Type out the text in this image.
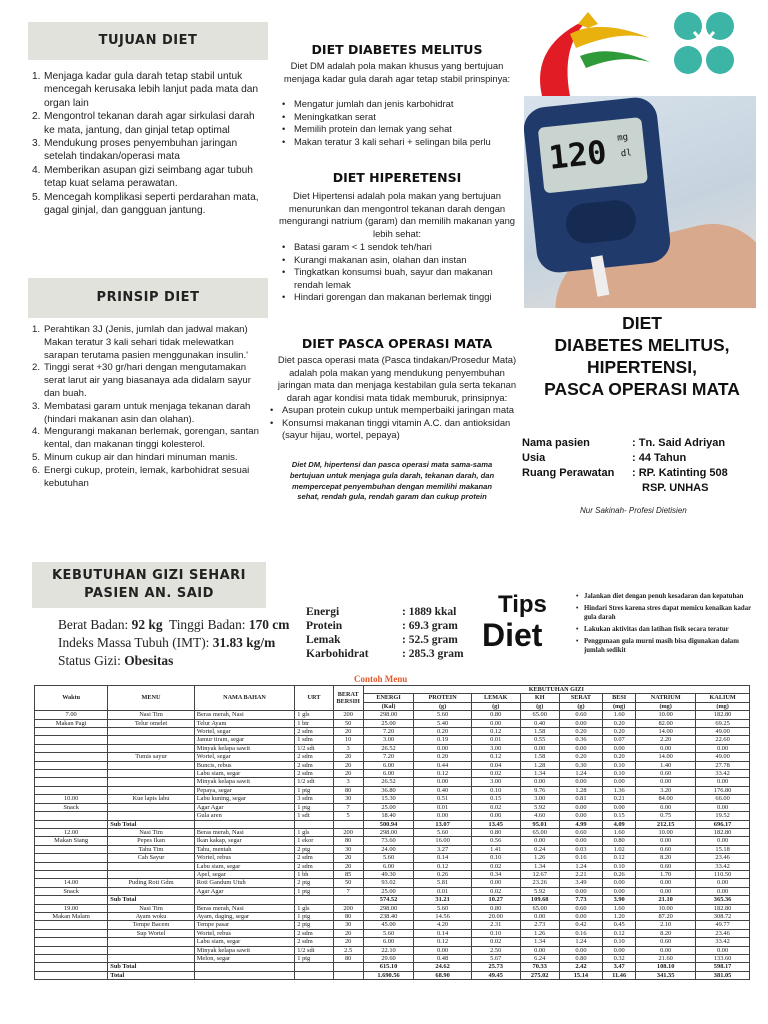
TUJUAN DIET
1. Menjaga kadar gula darah tetap stabil untuk mencegah kerusaka lebih lanjut pada mata dan organ lain
2. Mengontrol tekanan darah agar sirkulasi darah ke mata, jantung, dan ginjal tetap optimal
3. Mendukung proses penyembuhan jaringan setelah tindakan/operasi mata
4. Memberikan asupan gizi seimbang agar tubuh tetap kuat selama perawatan.
5. Mencegah komplikasi seperti perdarahan mata, gagal ginjal, dan gangguan jantung.
PRINSIP DIET
1. Perahtikan 3J (Jenis, jumlah dan jadwal makan) Makan teratur 3 kali sehari tidak melewatkan sarapan terutama pasien menggunakan insulin.'
2. Tinggi serat +30 gr/hari dengan mengutamakan serat larut air yang biasanaya ada didalam sayur dan buah.
3. Membatasi garam untuk menjaga tekanan darah (hindari makanan asin dan olahan).
4. Mengurangi makanan berlemak, gorengan, santan kental, dan makanan tinggi kolesterol.
5. Minum cukup air dan hindari minuman manis.
6. Energi cukup, protein, lemak, karbohidrat sesuai kebutuhan
DIET DIABETES MELITUS
Diet DM adalah pola makan khusus yang bertujuan menjaga kadar gula darah agar tetap stabil prinspinya:
• Mengatur jumlah dan jenis karbohidrat
• Meningkatkan serat
• Memilih protein dan lemak yang sehat
• Makan teratur 3 kali sehari + selingan bila perlu
DIET HIPERETENSI
Diet Hipertensi adalah pola makan yang bertujuan menurunkan dan mengontrol tekanan darah dengan mengurangi natrium (garam) dan memilih makanan yang lebih sehat:
• Batasi garam < 1 sendok teh/hari
• Kurangi makanan asin, olahan dan instan
• Tingkatkan konsumsi buah, sayur dan makanan rendah lemak
• Hindari gorengan dan makanan berlemak tinggi
DIET PASCA OPERASI MATA
Diet pasca operasi mata (Pasca tindakan/Prosedur Mata) adalah pola makan yang mendukung penyembuhan jaringan mata dan menjaga kestabilan gula serta tekanan darah agar kondisi mata tidak memburuk, prinsipnya:
• Asupan protein cukup untuk memperbaiki jaringan mata
• Konsumsi makanan tinggi vitamin A.C. dan antioksidan (sayur hijau, wortel, pepaya)
Diet DM, hipertensi dan pasca operasi mata sama-sama bertujuan untuk menjaga gula darah, tekanan darah, dan mempercepat penyembuhan dengan memilihi makanan sehat, rendah gula, rendah garam dan cukup protein
120 mg
dl
DIET
DIABETES MELITUS,
HIPERTENSI,
PASCA OPERASI MATA
Nama pasien	: Tn. Said Adriyan
Usia	: 44 Tahun
Ruang Perawatan	: RP. Katinting 508
RSP. UNHAS
Nur Sakinah- Profesi Dietisien
KEBUTUHAN GIZI SEHARI
PASIEN AN. SAID
Berat Badan: 92 kg Tinggi Badan: 170 cm
Indeks Massa Tubuh (IMT): 31.83 kg/m
Status Gizi: Obesitas
Energi	: 1889 kkal
Protein	: 69.3 gram
Lemak	: 52.5 gram
Karbohidrat	: 285.3 gram
Tips
Diet
• Jalankan diet dengan penuh kesadaran dan kepatuhan
• Hindari Stres karena stres dapat memicu kenaikan kadar gula darah
• Lakukan aktivitas dan latihan fisik secara teratur
• Penggunaan gula murni masih bisa digunakan dalam jumlah sedikit
Contoh Menu
Waktu	MENU	NAMA BAHAN	URT	BERAT BERSIH	KEBUTUHAN GIZI							
					ENERGI	PROTEIN	LEMAK	KH	SERAT	BESI	NATRIUM	KALIUM
					(Kal)	(g)	(g)	(g)	(g)	(mg)	(mg)	(mg)
7.00	Nasi Tim	Beras merah, Nasi	1 gls	200	298.00	5.60	0.80	65.00	0.60	1.60	10.00	182.80
Makan Pagi	Telur omelet	Telur Ayam	1 btr	50	25.00	5.40	0.00	0.40	0.00	0.20	82.00	69.25
		Wortel, segar	2 sdm	20	7.20	0.20	0.12	1.58	0.20	0.20	14.00	49.00
		Jamur tiram, segar	1 sdm	10	3.00	0.19	0.01	0.55	0.36	0.07	2.20	22.60
		Minyak kelapa sawit	1/2 sdt	3	26.52	0.00	3.00	0.00	0.00	0.00	0.00	0.00
	Tumis sayur	Wortel, segar	2 sdm	20	7.20	0.20	0.12	1.58	0.20	0.20	14.00	49.00
		Buncis, rebus	2 sdm	20	6.00	0.44	0.04	1.28	0.30	0.10	1.40	27.78
		Labu siam, segar	2 sdm	20	6.00	0.12	0.02	1.34	1.24	0.10	0.60	33.42
		Minyak kelapa sawit	1/2 sdt	3	26.52	0.00	3.00	0.00	0.00	0.00	0.00	0.00
		Pepaya, segar	1 ptg	80	36.80	0.40	0.10	9.76	1.28	1.36	3.20	176.80
10.00	Kue lapis labu	Labu kuning, segar	3 sdm	30	15.30	0.51	0.15	3.00	0.81	0.21	84.00	66.00
Snack		Agar Agar	1 ptg	7	25.00	0.01	0.02	5.92	0.00	0.00	0.00	0.00
		Gula aren	1 sdt	5	18.40	0.00	0.00	4.60	0.00	0.15	0.75	19.52
	Sub Total				500.94	13.07	13.45	95.01	4.99	4.09	212.15	696.17
12.00	Nasi Tim	Beras merah, Nasi	1 gls	200	298.00	5.60	0.80	65.00	0.60	1.60	10.00	182.80
Makan Siang	Pepes Ikan	Ikan kakap, segar	1 ekor	80	73.60	16.00	0.56	0.00	0.00	0.80	0.00	0.00
	Tahu Tim	Tahu, mentah	2 ptg	30	24.00	3.27	1.41	0.24	0.03	1.02	0.60	15.18
	Cah Sayur	Wortel, rebus	2 sdm	20	5.60	0.14	0.10	1.26	0.16	0.12	8.20	23.46
		Labu siam, segar	2 sdm	20	6.00	0.12	0.02	1.34	1.24	0.10	0.60	33.42
		Apel, segar	1 bh	85	49.30	0.26	0.34	12.67	2.21	0.26	1.70	110.50
14.00	Puding Roti Gdm	Roti Gandum Utuh	2 ptg	50	93.02	5.81	0.00	23.26	3.49	0.00	0.00	0.00
Snack		Agar Agar	1 ptg	7	25.00	0.01	0.02	5.92	0.00	0.00	0.00	0.00
	Sub Total				574.52	31.21	10.27	109.68	7.73	3.90	21.10	365.36
19.00	Nasi Tim	Beras merah, Nasi	1 gls	200	298.00	5.60	0.80	65.00	0.60	1.60	10.00	182.80
Makan Malam	Ayam woku	Ayam, daging, segar	1 ptg	80	238.40	14.56	20.00	0.00	0.00	1.20	87.20	308.72
	Tempe Bacem	Tempe pasar	2 ptg	30	45.00	4.20	2.31	2.73	0.42	0.45	2.10	49.77
	Sup Wortel	Wortel, rebus	2 sdm	20	5.60	0.14	0.10	1.26	0.16	0.12	8.20	23.46
		Labu siam, segar	2 sdm	20	6.00	0.12	0.02	1.34	1.24	0.10	0.60	33.42
		Minyak kelapa sawit	1/2 sdt	2.5	22.10	0.00	2.50	0.00	0.00	0.00	0.00	0.00
		Melon, segar	1 ptg	80	29.60	0.48	5.67	6.24	0.80	0.32	21.60	133.60
	Sub Total				615.10	24.62	25.73	70.33	2.42	3.47	108.10	598.17
	Total				1.690.56	68.90	49.45	275.02	15.14	11.46	341.35	381.05
